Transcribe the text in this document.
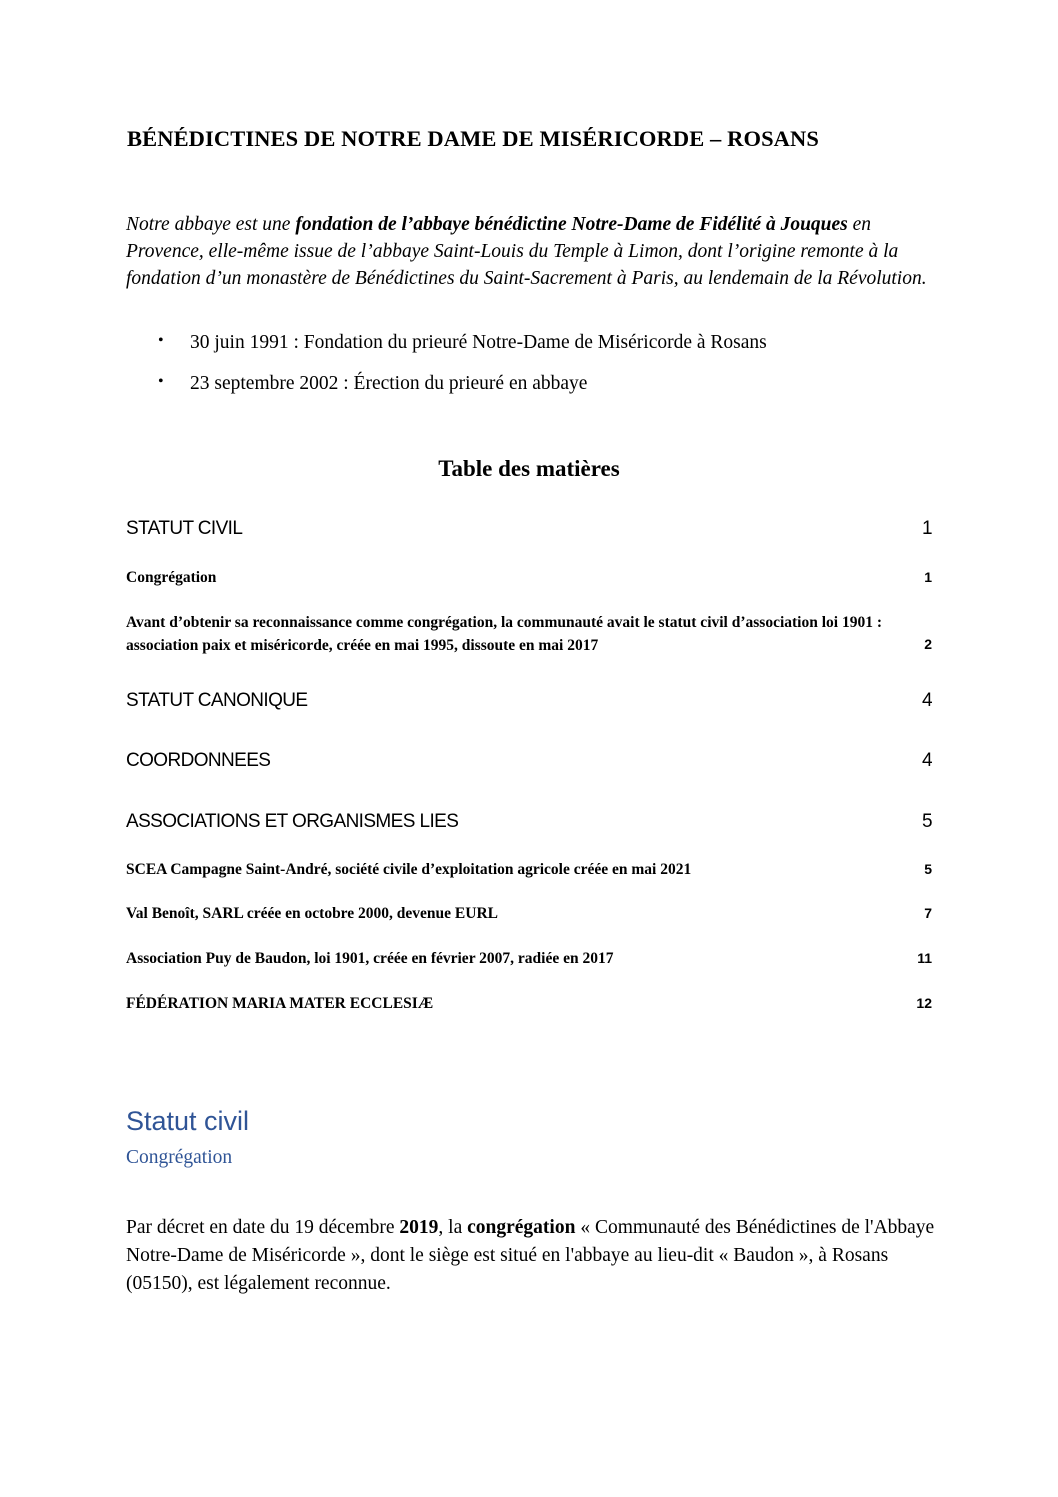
BÉNÉDICTINES DE NOTRE DAME DE MISÉRICORDE – ROSANS
Notre abbaye est une fondation de l’abbaye bénédictine Notre-Dame de Fidélité à Jouques en Provence, elle-même issue de l’abbaye Saint-Louis du Temple à Limon, dont l’origine remonte à la fondation d’un monastère de Bénédictines du Saint-Sacrement à Paris, au lendemain de la Révolution.
• 30 juin 1991 : Fondation du prieuré Notre-Dame de Miséricorde à Rosans
• 23 septembre 2002 : Érection du prieuré en abbaye
Table des matières
STATUT CIVIL	1
Congrégation	1
Avant d’obtenir sa reconnaissance comme congrégation, la communauté avait le statut civil d’association loi 1901 : association paix et miséricorde, créée en mai 1995, dissoute en mai 2017	2
STATUT CANONIQUE	4
COORDONNEES	4
ASSOCIATIONS ET ORGANISMES LIES	5
SCEA Campagne Saint-André, société civile d’exploitation agricole créée en mai 2021	5
Val Benoît, SARL créée en octobre 2000, devenue EURL	7
Association Puy de Baudon, loi 1901, créée en février 2007, radiée en 2017	11
FÉDÉRATION MARIA MATER ECCLESIÆ	12
Statut civil
Congrégation
Par décret en date du 19 décembre 2019, la congrégation « Communauté des Bénédictines de l'Abbaye Notre-Dame de Miséricorde », dont le siège est situé en l'abbaye au lieu-dit « Baudon », à Rosans (05150), est légalement reconnue.
